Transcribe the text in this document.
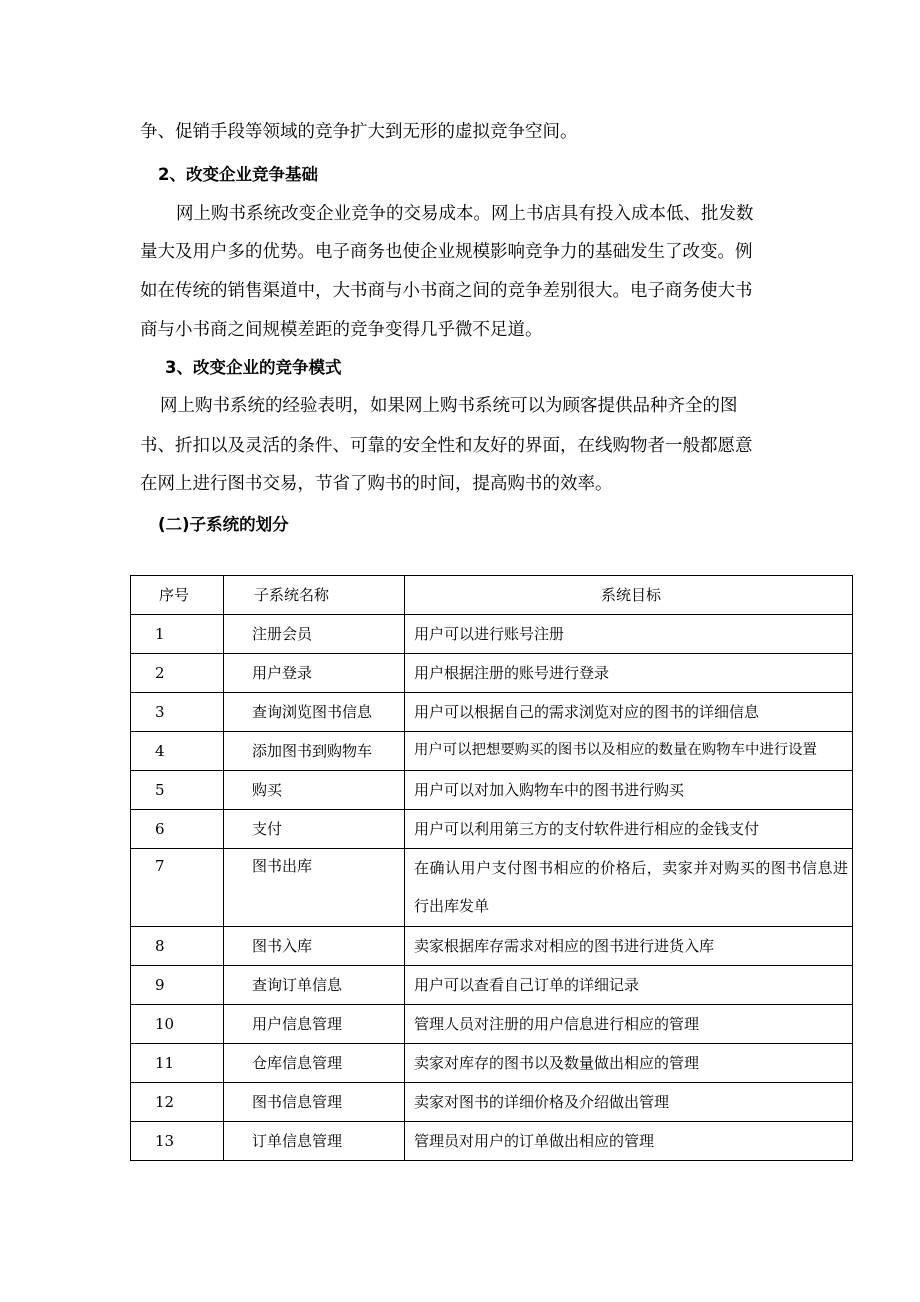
争、促销手段等领域的竞争扩大到无形的虚拟竞争空间。
2、改变企业竞争基础
网上购书系统改变企业竞争的交易成本。网上书店具有投入成本低、批发数
量大及用户多的优势。电子商务也使企业规模影响竞争力的基础发生了改变。例
如在传统的销售渠道中，大书商与小书商之间的竞争差别很大。电子商务使大书
商与小书商之间规模差距的竞争变得几乎微不足道。
3、改变企业的竞争模式
网上购书系统的经验表明，如果网上购书系统可以为顾客提供品种齐全的图
书、折扣以及灵活的条件、可靠的安全性和友好的界面，在线购物者一般都愿意
在网上进行图书交易，节省了购书的时间，提高购书的效率。
(二)子系统的划分
序号	子系统名称	系统目标
1	注册会员	用户可以进行账号注册
2	用户登录	用户根据注册的账号进行登录
3	查询浏览图书信息	用户可以根据自己的需求浏览对应的图书的详细信息
4	添加图书到购物车	用户可以把想要购买的图书以及相应的数量在购物车中进行设置
5	购买	用户可以对加入购物车中的图书进行购买
6	支付	用户可以利用第三方的支付软件进行相应的金钱支付
7	图书出库	在确认用户支付图书相应的价格后，卖家并对购买的图书信息进行出库发单

8	图书入库	卖家根据库存需求对相应的图书进行进货入库
9	查询订单信息	用户可以查看自己订单的详细记录
10	用户信息管理	管理人员对注册的用户信息进行相应的管理
11	仓库信息管理	卖家对库存的图书以及数量做出相应的管理
12	图书信息管理	卖家对图书的详细价格及介绍做出管理
13	订单信息管理	管理员对用户的订单做出相应的管理
